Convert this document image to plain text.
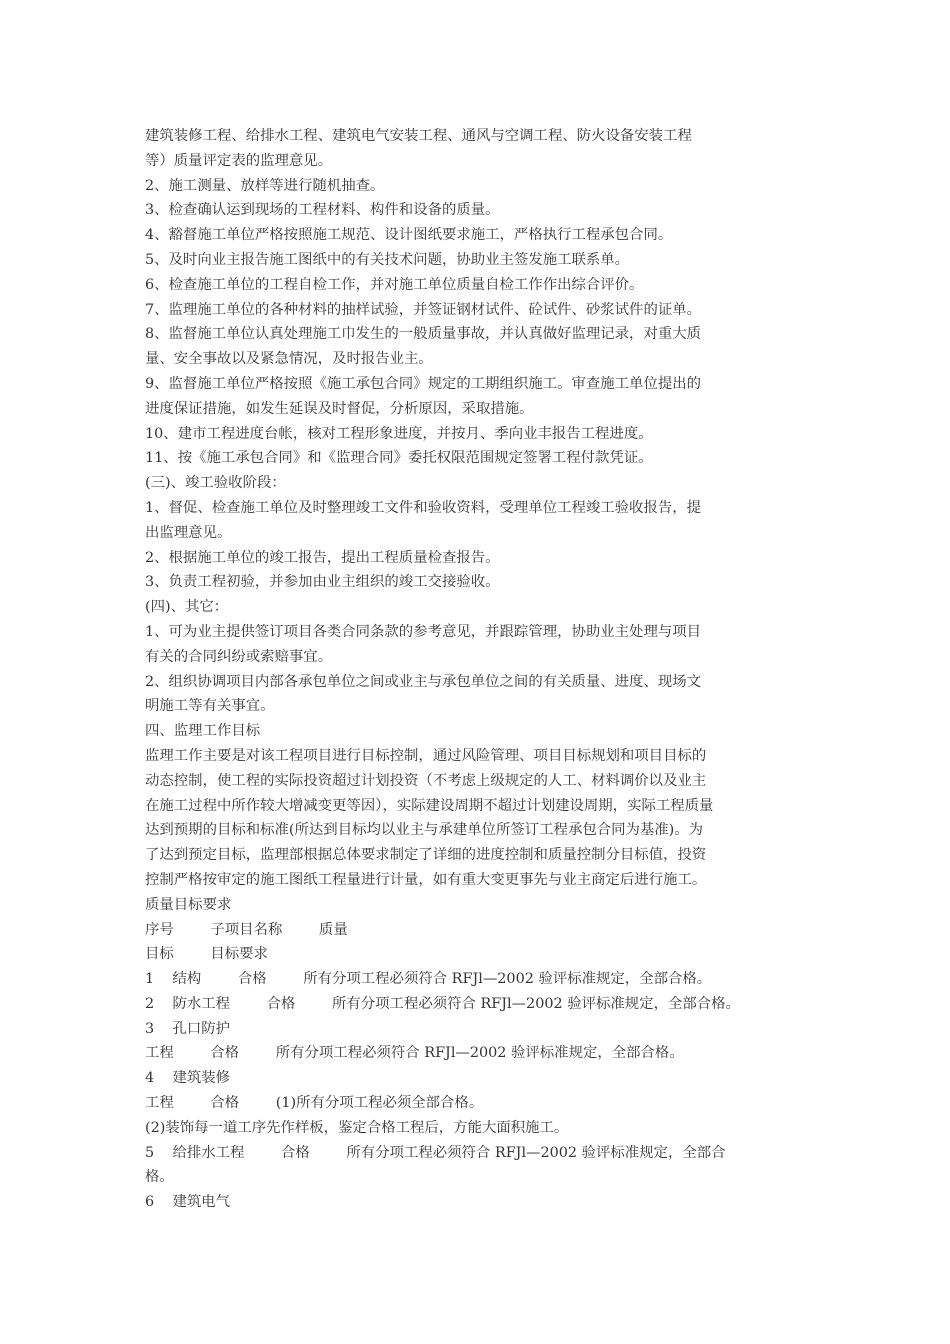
建筑装修工程、给排水工程、建筑电气安装工程、通风与空调工程、防火设备安装工程
等）质量评定表的监理意见。
2、施工测量、放样等进行随机抽查。
3、检查确认运到现场的工程材料、构件和设备的质量。
4、豁督施工单位严格按照施工规范、设计图纸要求施工，严格执行工程承包合同。
5、及时向业主报告施工图纸中的有关技术问题，协助业主签发施工联系单。
6、检查施工单位的工程自检工作，并对施工单位质量自检工作作出综合评价。
7、监理施工单位的各种材料的抽样试验，并签证钢材试件、砼试件、砂浆试件的证单。
8、监督施工单位认真处理施工巾发生的一般质量事故，并认真做好监理记录，对重大质
量、安全事故以及紧急情况，及时报告业主。
9、监督施工单位严格按照《施工承包合同》规定的工期组织施工。审查施工单位提出的
进度保证措施，如发生延误及时督促，分析原因，采取措施。
10、建市工程进度台帐，核对工程形象进度，并按月、季向业丰报告工程进度。
11、按《施工承包合同》和《监理合同》委托权限范围规定签署工程付款凭证。
(三)、竣工验收阶段：
1、督促、检查施工单位及时整理竣工文件和验收资料，受理单位工程竣工验收报告，提
出监理意见。
2、根据施工单位的竣工报告，提出工程质量检查报告。
3、负责工程初验，并参加由业主组织的竣工交接验收。
(四)、其它：
1、可为业主提供签订项目各类合同条款的参考意见，并跟踪管理，协助业主处理与项目
有关的合同纠纷或索赔事宜。
2、组织协调项目内部各承包单位之间或业主与承包单位之间的有关质量、进度、现场文
明施工等有关事宜。
四、监理工作目标
监理工作主要是对该工程项目进行目标控制，通过风险管理、项目目标规划和项目目标的
动态控制，使工程的实际投资超过计划投资（不考虑上级规定的人工、材料调价以及业主
在施工过程中所作较大增减变更等因），实际建设周期不超过计划建设周期，实际工程质量
达到预期的目标和标准(所达到目标均以业主与承建单位所签订工程承包合同为基准)。为
了达到预定目标，监理部根据总体要求制定了详细的进度控制和质量控制分目标值，投资
控制严格按审定的施工图纸工程量进行计量，如有重大变更事先与业主商定后进行施工。
质量目标要求
序号        子项目名称        质量
目标        目标要求
1    结构        合格        所有分项工程必须符合 RFJl—2002 验评标准规定，全部合格。
2    防水工程        合格        所有分项工程必须符合 RFJl—2002 验评标准规定，全部合格。
3    孔口防护
工程        合格        所有分项工程必须符合 RFJl—2002 验评标准规定，全部合格。
4    建筑装修
工程        合格        (1)所有分项工程必须全部合格。
(2)装饰每一道工序先作样板，鉴定合格工程后，方能大面积施工。
5    给排水工程        合格        所有分项工程必须符合 RFJl—2002 验评标准规定，全部合
格。
6    建筑电气
